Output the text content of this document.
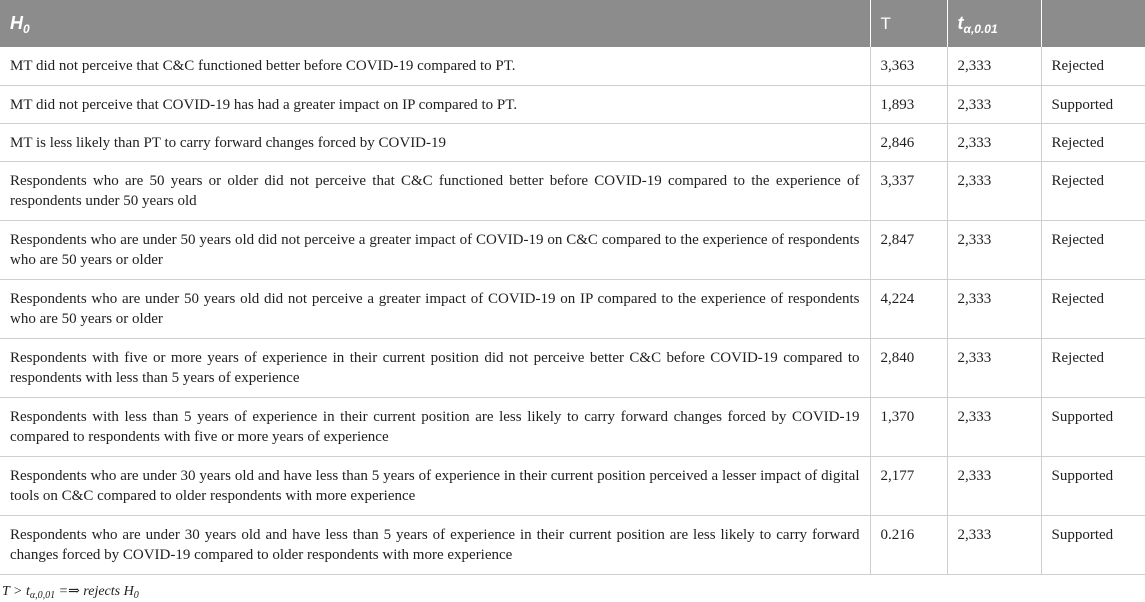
$H_0$	T	$t_{\alpha,0.01}$	
MT did not perceive that C&C functioned better before COVID-19 compared to PT.	3,363	2,333	Rejected
MT did not perceive that COVID-19 has had a greater impact on IP compared to PT.	1,893	2,333	Supported
MT is less likely than PT to carry forward changes forced by COVID-19	2,846	2,333	Rejected
Respondents who are 50 years or older did not perceive that C&C functioned better before COVID-19 compared to the experience of respondents under 50 years old	3,337	2,333	Rejected
Respondents who are under 50 years old did not perceive a greater impact of COVID-19 on C&C compared to the experience of respondents who are 50 years or older	2,847	2,333	Rejected
Respondents who are under 50 years old did not perceive a greater impact of COVID-19 on IP compared to the experience of respondents who are 50 years or older	4,224	2,333	Rejected
Respondents with five or more years of experience in their current position did not perceive better C&C before COVID-19 compared to respondents with less than 5 years of experience	2,840	2,333	Rejected
Respondents with less than 5 years of experience in their current position are less likely to carry forward changes forced by COVID-19 compared to respondents with five or more years of experience	1,370	2,333	Supported
Respondents who are under 30 years old and have less than 5 years of experience in their current position perceived a lesser impact of digital tools on C&C compared to older respondents with more experience	2,177	2,333	Supported
Respondents who are under 30 years old and have less than 5 years of experience in their current position are less likely to carry forward changes forced by COVID-19 compared to older respondents with more experience	0.216	2,333	Supported
$T > t_{\alpha,0,01}$ =⇒ rejects $H_0$
